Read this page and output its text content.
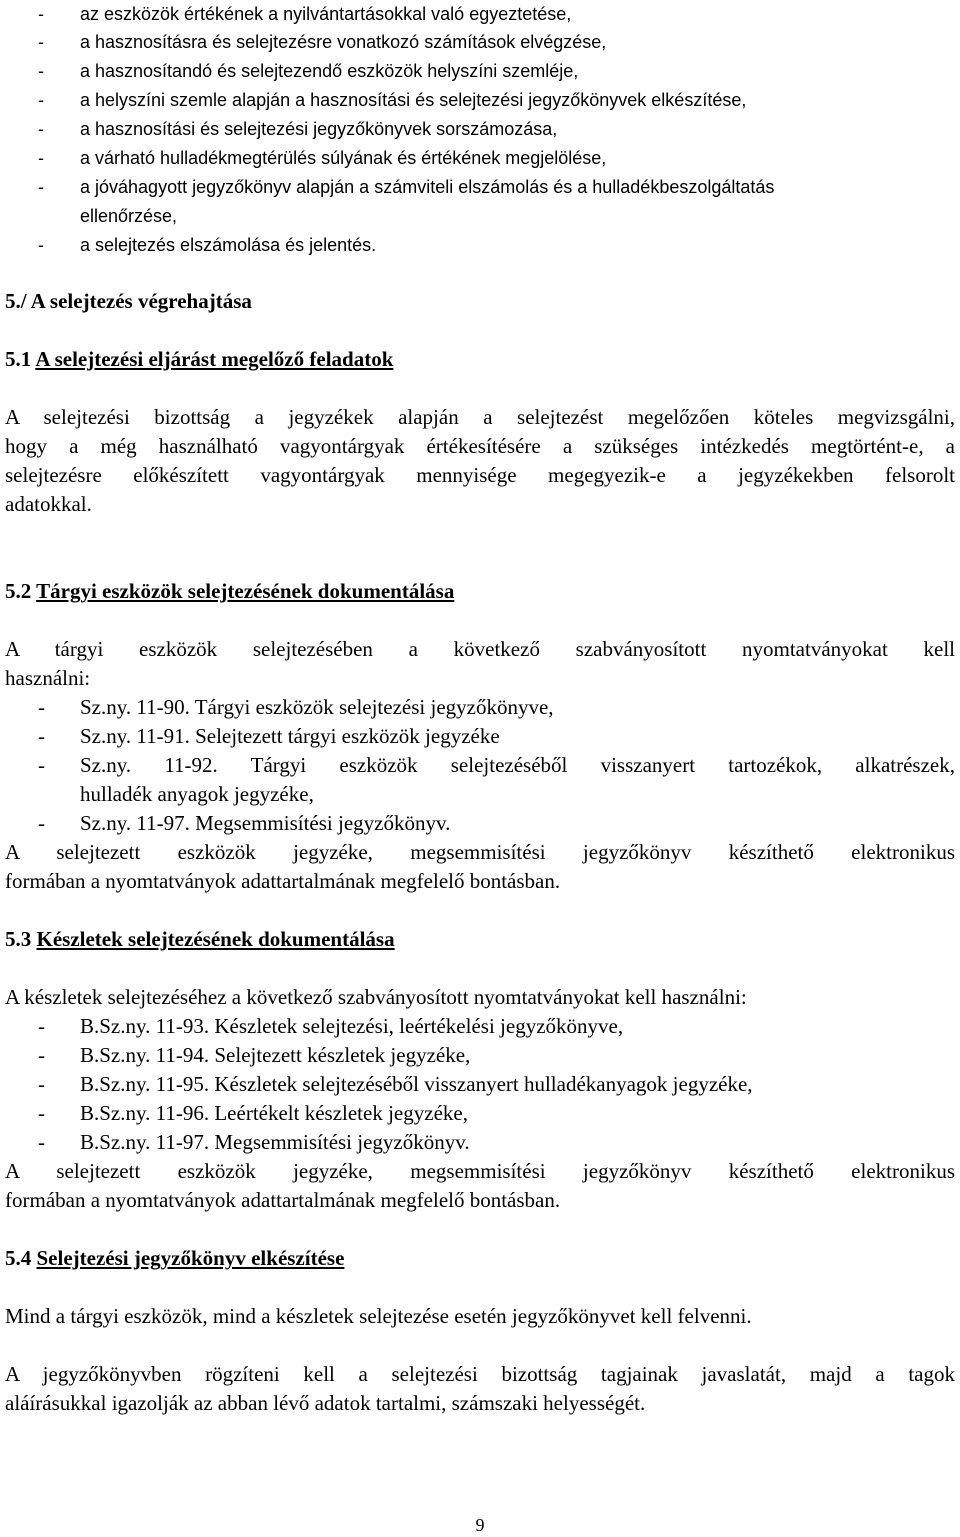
- az eszközök értékének a nyilvántartásokkal való egyeztetése,
- a hasznosításra és selejtezésre vonatkozó számítások elvégzése,
- a hasznosítandó és selejtezendő eszközök helyszíni szemléje,
- a helyszíni szemle alapján a hasznosítási és selejtezési jegyzőkönyvek elkészítése,
- a hasznosítási és selejtezési jegyzőkönyvek sorszámozása,
- a várható hulladékmegtérülés súlyának és értékének megjelölése,
- a jóváhagyott jegyzőkönyv alapján a számviteli elszámolás és a hulladékbeszolgáltatás
ellenőrzése,
- a selejtezés elszámolása és jelentés.
5./ A selejtezés végrehajtása
5.1 A selejtezési eljárást megelőző feladatok
A selejtezési bizottság a jegyzékek alapján a selejtezést megelőzően köteles megvizsgálni,
hogy a még használható vagyontárgyak értékesítésére a szükséges intézkedés megtörtént-e, a
selejtezésre előkészített vagyontárgyak mennyisége megegyezik-e a jegyzékekben felsorolt
adatokkal.
5.2 Tárgyi eszközök selejtezésének dokumentálása
A tárgyi eszközök selejtezésében a következő szabványosított nyomtatványokat kell
használni:
- Sz.ny. 11-90. Tárgyi eszközök selejtezési jegyzőkönyve,
- Sz.ny. 11-91. Selejtezett tárgyi eszközök jegyzéke
- Sz.ny. 11-92. Tárgyi eszközök selejtezéséből visszanyert tartozékok, alkatrészek,
hulladék anyagok jegyzéke,
- Sz.ny. 11-97. Megsemmisítési jegyzőkönyv.
A selejtezett eszközök jegyzéke, megsemmisítési jegyzőkönyv készíthető elektronikus
formában a nyomtatványok adattartalmának megfelelő bontásban.
5.3 Készletek selejtezésének dokumentálása
A készletek selejtezéséhez a következő szabványosított nyomtatványokat kell használni:
- B.Sz.ny. 11-93. Készletek selejtezési, leértékelési jegyzőkönyve,
- B.Sz.ny. 11-94. Selejtezett készletek jegyzéke,
- B.Sz.ny. 11-95. Készletek selejtezéséből visszanyert hulladékanyagok jegyzéke,
- B.Sz.ny. 11-96. Leértékelt készletek jegyzéke,
- B.Sz.ny. 11-97. Megsemmisítési jegyzőkönyv.
A selejtezett eszközök jegyzéke, megsemmisítési jegyzőkönyv készíthető elektronikus
formában a nyomtatványok adattartalmának megfelelő bontásban.
5.4 Selejtezési jegyzőkönyv elkészítése
Mind a tárgyi eszközök, mind a készletek selejtezése esetén jegyzőkönyvet kell felvenni.
A jegyzőkönyvben rögzíteni kell a selejtezési bizottság tagjainak javaslatát, majd a tagok
aláírásukkal igazolják az abban lévő adatok tartalmi, számszaki helyességét.
9
